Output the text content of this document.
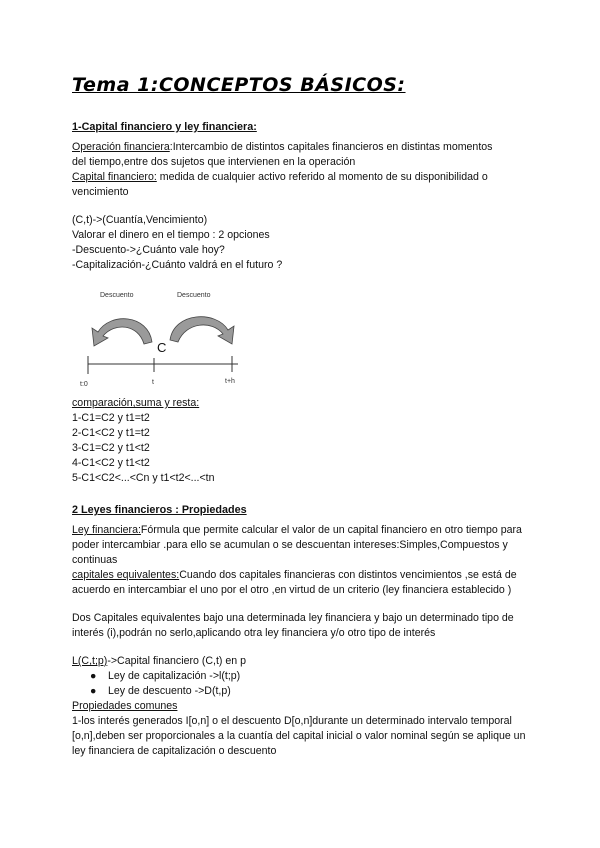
Tema 1:CONCEPTOS BÁSICOS:
1-Capital financiero y ley financiera:
Operación financiera:Intercambio de distintos capitales financieros en distintas momentos
del tiempo,entre dos sujetos que intervienen en la operación
Capital financiero: medida de cualquier activo referido al momento de su disponibilidad o
vencimiento
(C,t)->(Cuantía,Vencimiento)
Valorar el dinero en el tiempo : 2 opciones
-Descuento->¿Cuánto vale hoy?
-Capitalización-¿Cuánto valdrá en el futuro ?
Descuento	Descuento
C
t:0	t	t+h
comparación,suma y resta:
1-C1=C2 y t1=t2
2-C1<C2 y t1=t2
3-C1=C2 y t1<t2
4-C1<C2 y t1<t2
5-C1<C2<...<Cn y t1<t2<...<tn
2 Leyes financieros : Propiedades
Ley financiera:Fórmula que permite calcular el valor de un capital financiero en otro tiempo para
poder intercambiar .para ello se acumulan o se descuentan intereses:Simples,Compuestos y
continuas
capitales equivalentes:Cuando dos capitales financieras con distintos vencimientos ,se está de
acuerdo en intercambiar el uno por el otro ,en virtud de un criterio (ley financiera establecido )
Dos Capitales equivalentes bajo una determinada ley financiera y bajo un determinado tipo de
interés (i),podrán no serlo,aplicando otra ley financiera y/o otro tipo de interés
L(C,t;p)->Capital financiero (C,t) en p
● Ley de capitalización ->l(t;p)
● Ley de descuento ->D(t,p)
Propiedades comunes
1-los interés generados I[o,n] o el descuento D[o,n]durante un determinado intervalo temporal
[o,n],deben ser proporcionales a la cuantía del capital inicial o valor nominal según se aplique un
ley financiera de capitalización o descuento
